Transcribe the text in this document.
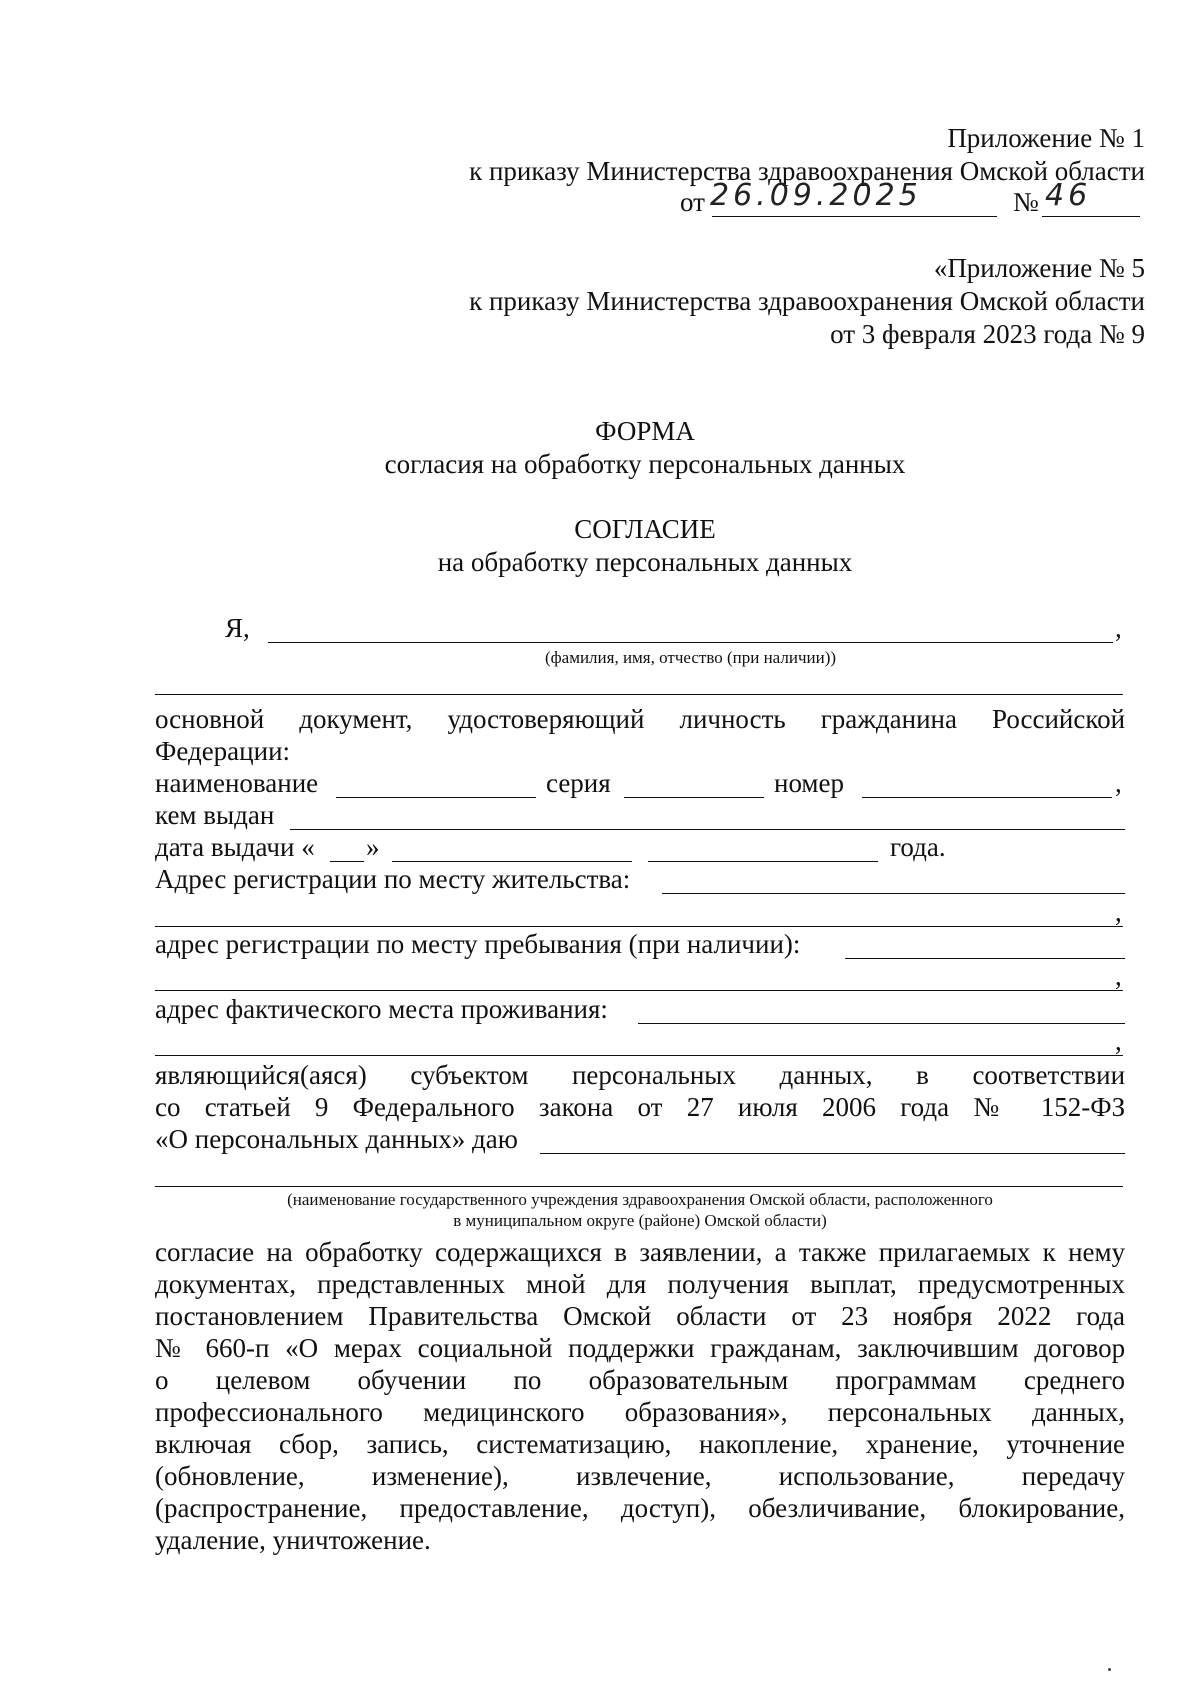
Приложение № 1
к приказу Министерства здравоохранения Омской области
от 26.09.2025	№ 46
«Приложение № 5
к приказу Министерства здравоохранения Омской области
от 3 февраля 2023 года № 9
ФОРМА
согласия на обработку персональных данных
СОГЛАСИЕ
на обработку персональных данных
Я,	,
(фамилия, имя, отчество (при наличии))
основной документ, удостоверяющий личность гражданина Российской
Федерации:
наименование	серия	номер	,
кем выдан
дата выдачи « »	года.
Адрес регистрации по месту жительства:
,
адрес регистрации по месту пребывания (при наличии):
,
адрес фактического места проживания:
,
являющийся(аяся) субъектом персональных данных, в соответствии
со статьей 9 Федерального закона от 27 июля 2006 года № 152-ФЗ
«О персональных данных» даю
(наименование государственного учреждения здравоохранения Омской области, расположенного
в муниципальном округе (районе) Омской области)
согласие на обработку содержащихся в заявлении, а также прилагаемых к нему
документах, представленных мной для получения выплат, предусмотренных
постановлением Правительства Омской области от 23 ноября 2022 года
№ 660-п «О мерах социальной поддержки гражданам, заключившим договор
о целевом обучении по образовательным программам среднего
профессионального медицинского образования», персональных данных,
включая сбор, запись, систематизацию, накопление, хранение, уточнение
(обновление, изменение), извлечение, использование, передачу
(распространение, предоставление, доступ), обезличивание, блокирование,
удаление, уничтожение.
